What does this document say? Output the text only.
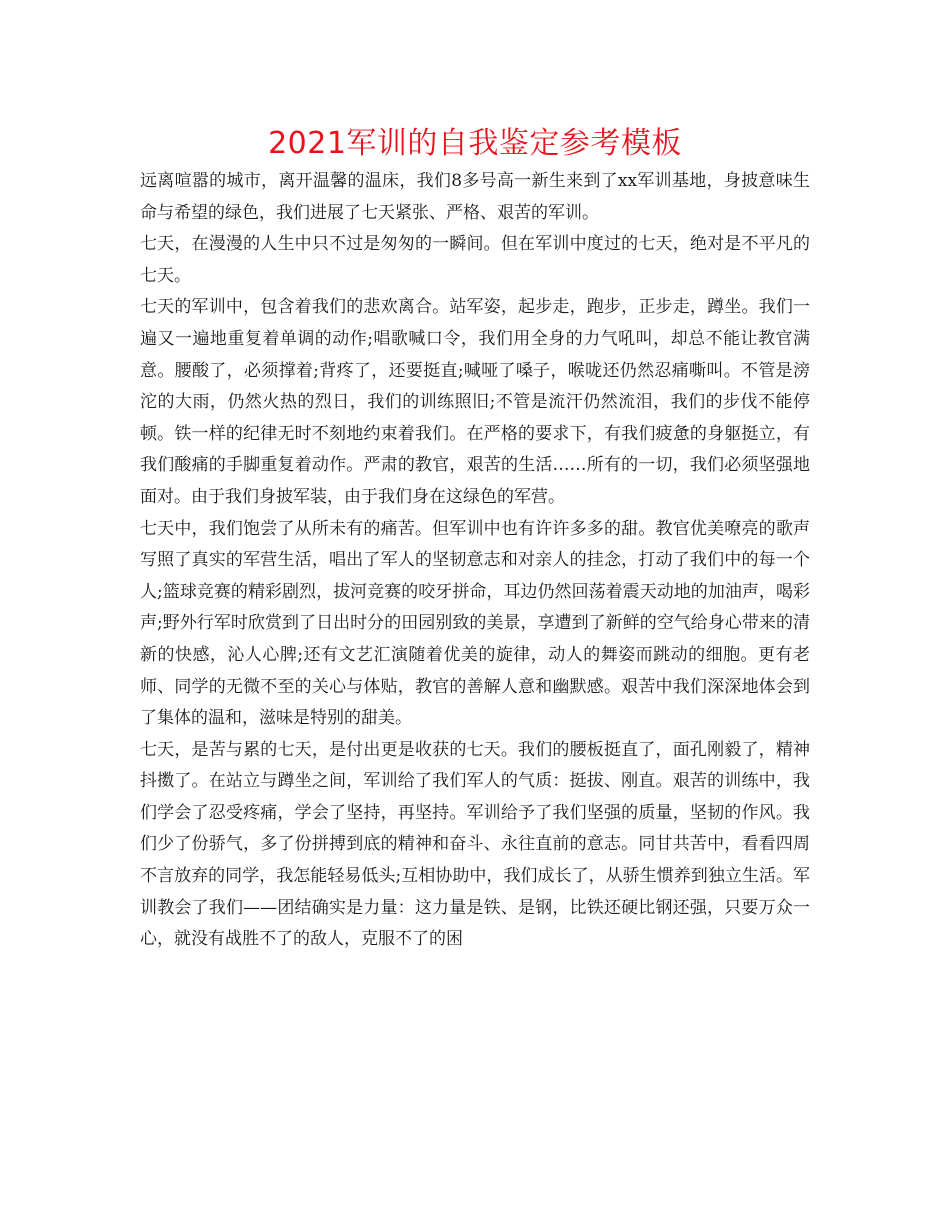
2021军训的自我鉴定参考模板

远离喧嚣的城市，离开温馨的温床，我们8多号高一新生来到了xx军训基地，身披意味生命与希望的绿色，我们进展了七天紧张、严格、艰苦的军训。

七天，在漫漫的人生中只不过是匆匆的一瞬间。但在军训中度过的七天，绝对是不平凡的七天。

七天的军训中，包含着我们的悲欢离合。站军姿，起步走，跑步，正步走，蹲坐。我们一遍又一遍地重复着单调的动作;唱歌喊口令，我们用全身的力气吼叫，却总不能让教官满意。腰酸了，必须撑着;背疼了，还要挺直;喊哑了嗓子，喉咙还仍然忍痛嘶叫。不管是滂沱的大雨，仍然火热的烈日，我们的训练照旧;不管是流汗仍然流泪，我们的步伐不能停顿。铁一样的纪律无时不刻地约束着我们。在严格的要求下，有我们疲惫的身躯挺立，有我们酸痛的手脚重复着动作。严肃的教官，艰苦的生活……所有的一切，我们必须坚强地面对。由于我们身披军装，由于我们身在这绿色的军营。

七天中，我们饱尝了从所未有的痛苦。但军训中也有许许多多的甜。教官优美嘹亮的歌声写照了真实的军营生活，唱出了军人的坚韧意志和对亲人的挂念，打动了我们中的每一个人;篮球竞赛的精彩剧烈，拔河竞赛的咬牙拼命，耳边仍然回荡着震天动地的加油声，喝彩声;野外行军时欣赏到了日出时分的田园别致的美景，享遭到了新鲜的空气给身心带来的清新的快感，沁人心脾;还有文艺汇演随着优美的旋律，动人的舞姿而跳动的细胞。更有老师、同学的无微不至的关心与体贴，教官的善解人意和幽默感。艰苦中我们深深地体会到了集体的温和，滋味是特别的甜美。

七天，是苦与累的七天，是付出更是收获的七天。我们的腰板挺直了，面孔刚毅了，精神抖擞了。在站立与蹲坐之间，军训给了我们军人的气质：挺拔、刚直。艰苦的训练中，我们学会了忍受疼痛，学会了坚持，再坚持。军训给予了我们坚强的质量，坚韧的作风。我们少了份骄气，多了份拼搏到底的精神和奋斗、永往直前的意志。同甘共苦中，看看四周不言放弃的同学，我怎能轻易低头;互相协助中，我们成长了，从骄生惯养到独立生活。军训教会了我们——团结确实是力量：这力量是铁、是钢，比铁还硬比钢还强，只要万众一心，就没有战胜不了的敌人，克服不了的困
